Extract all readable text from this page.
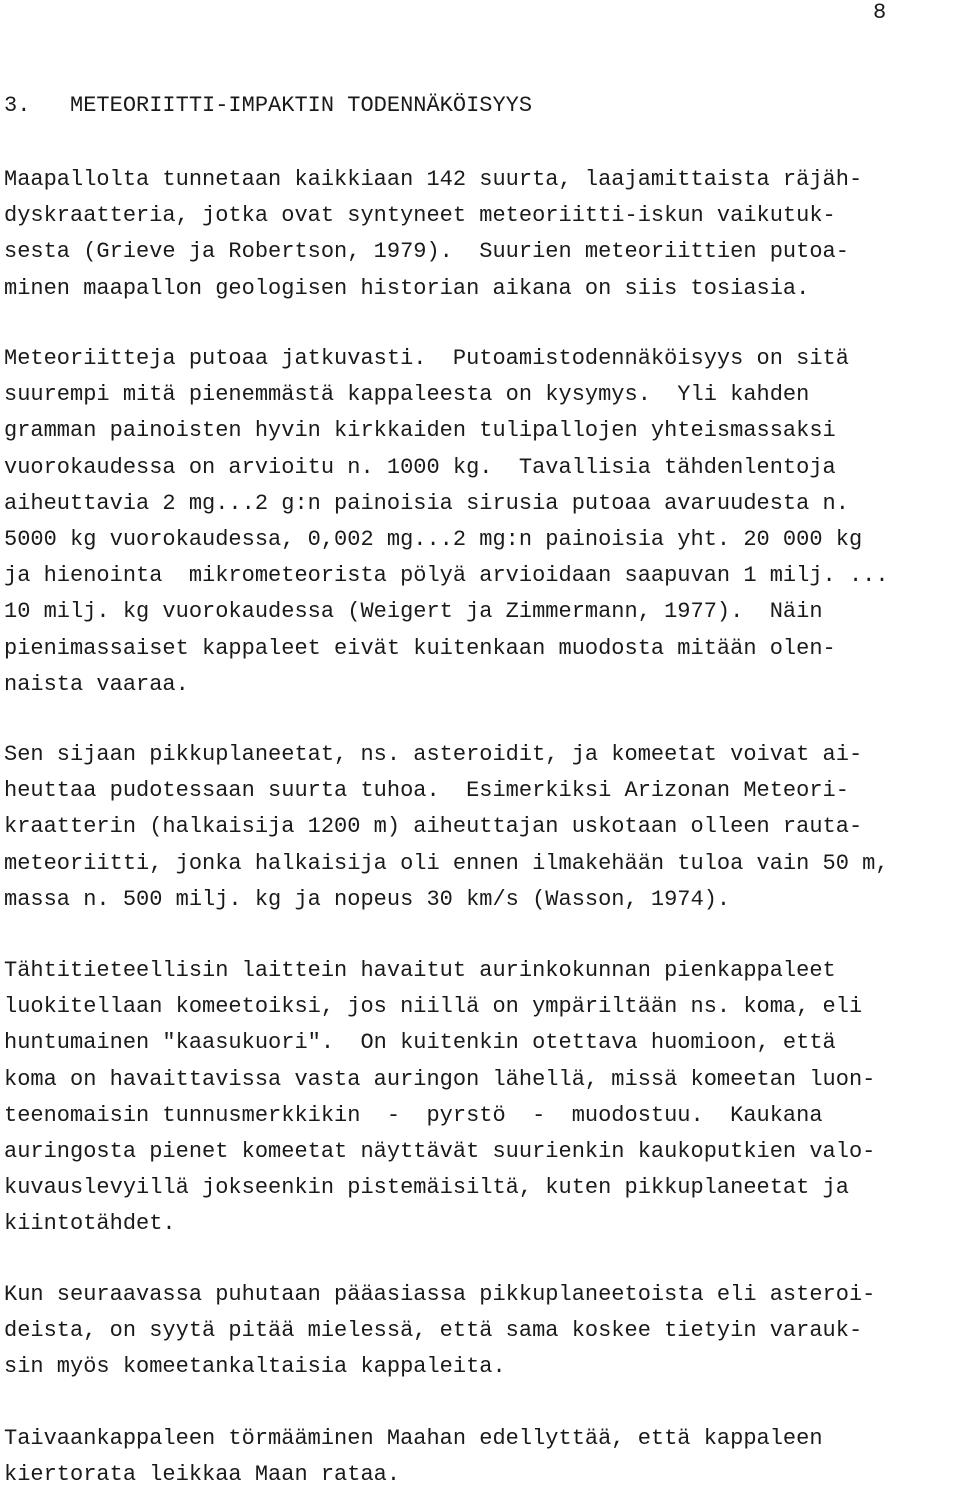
8
3.   METEORIITTI-IMPAKTIN TODENNÄKÖISYYS
Maapallolta tunnetaan kaikkiaan 142 suurta, laajamittaista räjäh-
dyskraatteria, jotka ovat syntyneet meteoriitti-iskun vaikutuk-
sesta (Grieve ja Robertson, 1979).  Suurien meteoriittien putoa-
minen maapallon geologisen historian aikana on siis tosiasia.
Meteoriitteja putoaa jatkuvasti.  Putoamistodennäköisyys on sitä
suurempi mitä pienemmästä kappaleesta on kysymys.  Yli kahden
gramman painoisten hyvin kirkkaiden tulipallojen yhteismassaksi
vuorokaudessa on arvioitu n. 1000 kg.  Tavallisia tähdenlentoja
aiheuttavia 2 mg...2 g:n painoisia sirusia putoaa avaruudesta n.
5000 kg vuorokaudessa, 0,002 mg...2 mg:n painoisia yht. 20 000 kg
ja hienointa  mikrometeorista pölyä arvioidaan saapuvan 1 milj. ...
10 milj. kg vuorokaudessa (Weigert ja Zimmermann, 1977).  Näin
pienimassaiset kappaleet eivät kuitenkaan muodosta mitään olen-
naista vaaraa.
Sen sijaan pikkuplaneetat, ns. asteroidit, ja komeetat voivat ai-
heuttaa pudotessaan suurta tuhoa.  Esimerkiksi Arizonan Meteori-
kraatterin (halkaisija 1200 m) aiheuttajan uskotaan olleen rauta-
meteoriitti, jonka halkaisija oli ennen ilmakehään tuloa vain 50 m,
massa n. 500 milj. kg ja nopeus 30 km/s (Wasson, 1974).
Tähtitieteellisin laittein havaitut aurinkokunnan pienkappaleet
luokitellaan komeetoiksi, jos niillä on ympäriltään ns. koma, eli
huntumainen "kaasukuori".  On kuitenkin otettava huomioon, että
koma on havaittavissa vasta auringon lähellä, missä komeetan luon-
teenomaisin tunnusmerkkikin  -  pyrstö  -  muodostuu.  Kaukana
auringosta pienet komeetat näyttävät suurienkin kaukoputkien valo-
kuvauslevyillä jokseenkin pistemäisiltä, kuten pikkuplaneetat ja
kiintotähdet.
Kun seuraavassa puhutaan pääasiassa pikkuplaneetoista eli asteroi-
deista, on syytä pitää mielessä, että sama koskee tietyin varauk-
sin myös komeetankaltaisia kappaleita.
Taivaankappaleen törmääminen Maahan edellyttää, että kappaleen
kiertorata leikkaa Maan rataa.
